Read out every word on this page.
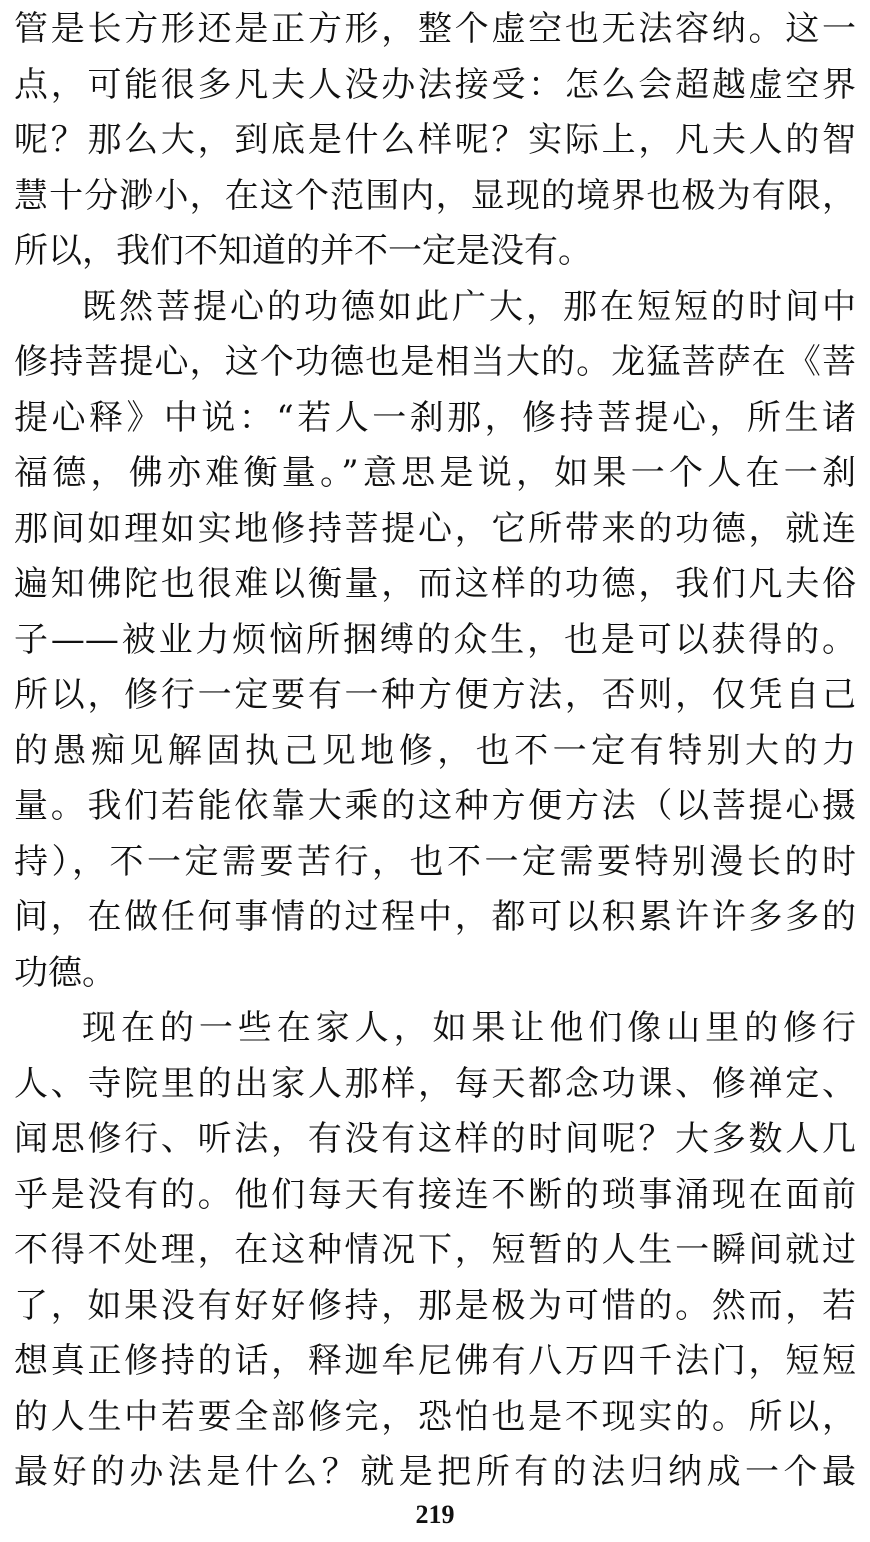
管是长方形还是正方形，整个虚空也无法容纳。这一
点，可能很多凡夫人没办法接受：怎么会超越虚空界
呢？那么大，到底是什么样呢？实际上，凡夫人的智
慧十分渺小，在这个范围内，显现的境界也极为有限，
所以，我们不知道的并不一定是没有。
既然菩提心的功德如此广大，那在短短的时间中
修持菩提心，这个功德也是相当大的。龙猛菩萨在《菩
提心释》中说：“若人一刹那，修持菩提心，所生诸
福德，佛亦难衡量。”意思是说，如果一个人在一刹
那间如理如实地修持菩提心，它所带来的功德，就连
遍知佛陀也很难以衡量，而这样的功德，我们凡夫俗
子——被业力烦恼所捆缚的众生，也是可以获得的。
所以，修行一定要有一种方便方法，否则，仅凭自己
的愚痴见解固执己见地修，也不一定有特别大的力
量。我们若能依靠大乘的这种方便方法（以菩提心摄
持），不一定需要苦行，也不一定需要特别漫长的时
间，在做任何事情的过程中，都可以积累许许多多的
功德。
现在的一些在家人，如果让他们像山里的修行
人、寺院里的出家人那样，每天都念功课、修禅定、
闻思修行、听法，有没有这样的时间呢？大多数人几
乎是没有的。他们每天有接连不断的琐事涌现在面前
不得不处理，在这种情况下，短暂的人生一瞬间就过
了，如果没有好好修持，那是极为可惜的。然而，若
想真正修持的话，释迦牟尼佛有八万四千法门，短短
的人生中若要全部修完，恐怕也是不现实的。所以，
最好的办法是什么？就是把所有的法归纳成一个最
219
